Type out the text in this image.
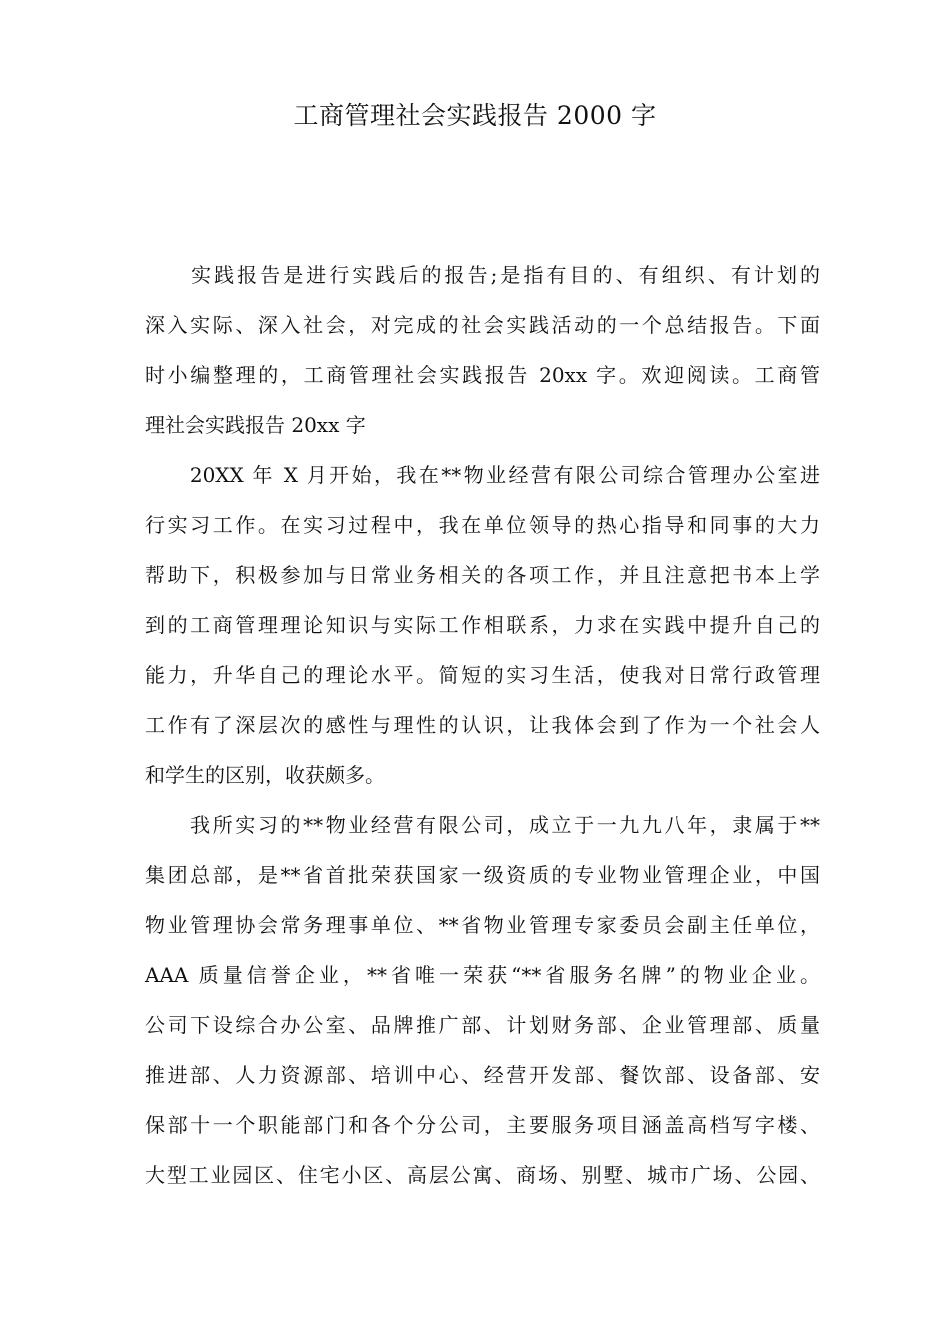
工商管理社会实践报告 2000 字
　　实践报告是进行实践后的报告;是指有目的、有组织、有计划的
深入实际、深入社会，对完成的社会实践活动的一个总结报告。下面
时小编整理的，工商管理社会实践报告 20xx 字。欢迎阅读。工商管
理社会实践报告 20xx 字
　　20XX 年 X 月开始，我在**物业经营有限公司综合管理办公室进
行实习工作。在实习过程中，我在单位领导的热心指导和同事的大力
帮助下，积极参加与日常业务相关的各项工作，并且注意把书本上学
到的工商管理理论知识与实际工作相联系，力求在实践中提升自己的
能力，升华自己的理论水平。简短的实习生活，使我对日常行政管理
工作有了深层次的感性与理性的认识，让我体会到了作为一个社会人
和学生的区别，收获颇多。
　　我所实习的**物业经营有限公司，成立于一九九八年，隶属于**
集团总部，是**省首批荣获国家一级资质的专业物业管理企业，中国
物业管理协会常务理事单位、**省物业管理专家委员会副主任单位，
AAA 质量信誉企业，**省唯一荣获“**省服务名牌”的物业企业。
公司下设综合办公室、品牌推广部、计划财务部、企业管理部、质量
推进部、人力资源部、培训中心、经营开发部、餐饮部、设备部、安
保部十一个职能部门和各个分公司，主要服务项目涵盖高档写字楼、
大型工业园区、住宅小区、高层公寓、商场、别墅、城市广场、公园、
